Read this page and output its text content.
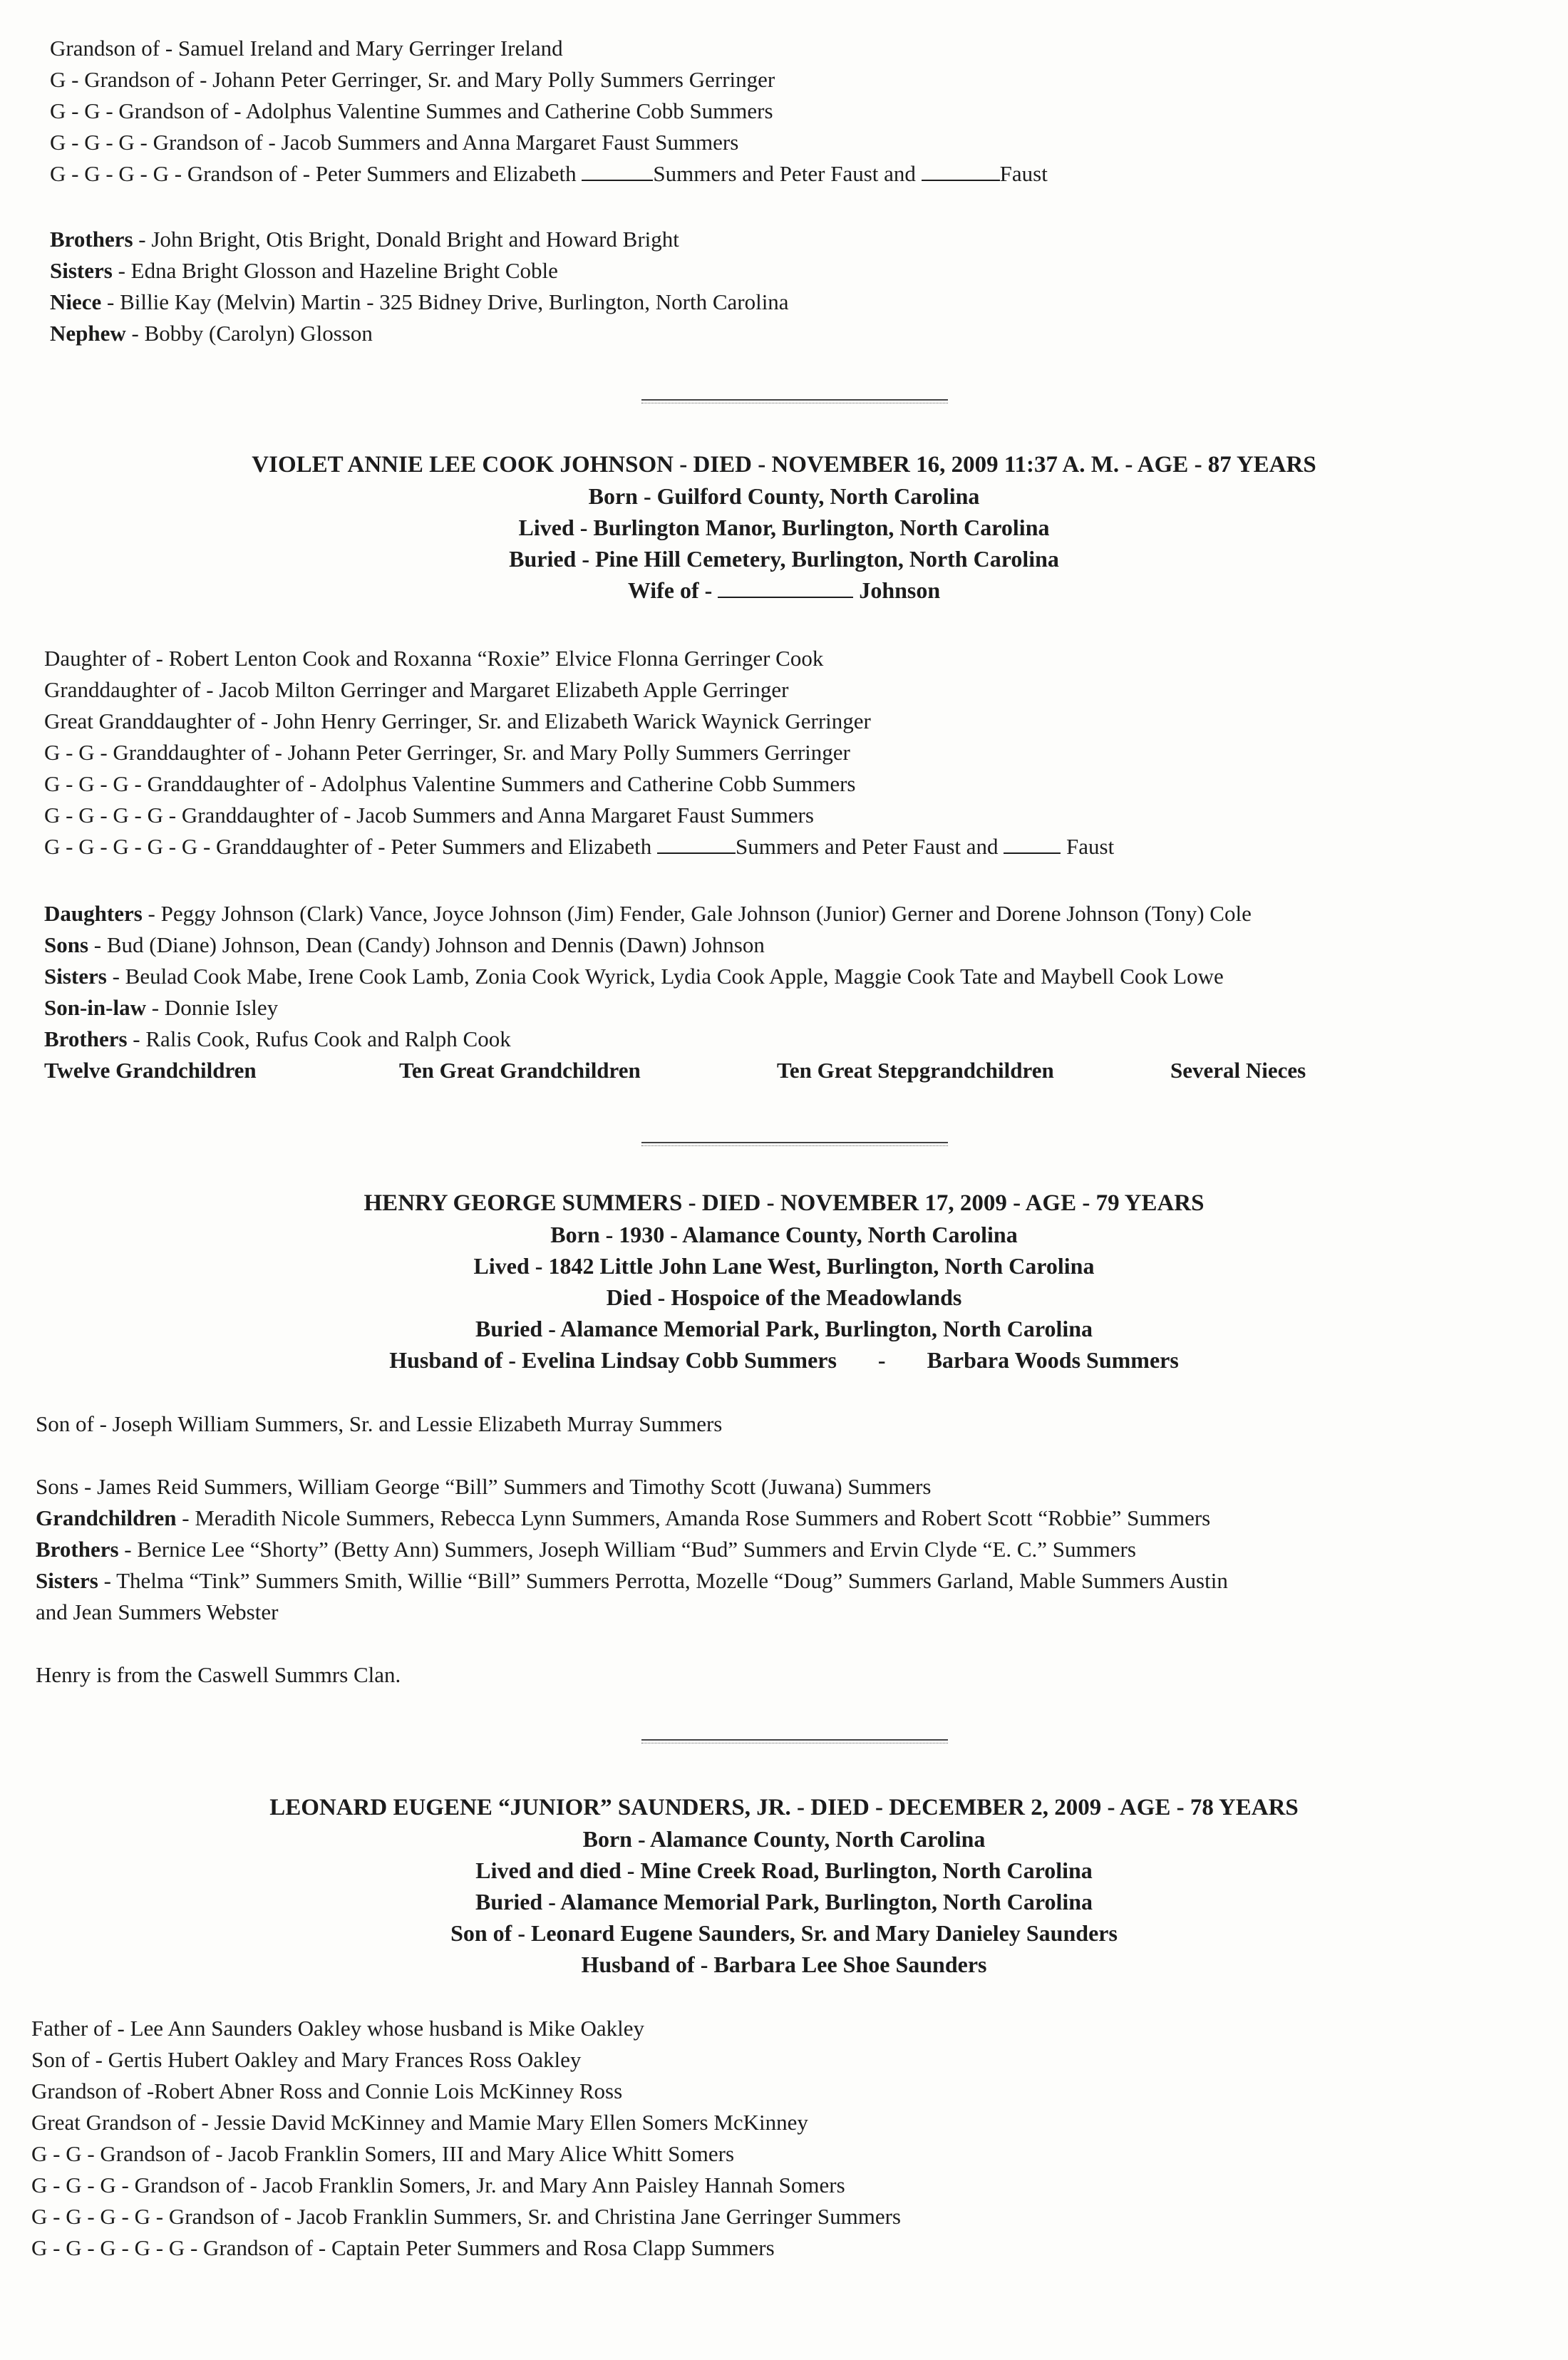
Grandson of - Samuel Ireland and Mary Gerringer Ireland
G - Grandson of - Johann Peter Gerringer, Sr. and Mary Polly Summers Gerringer
G - G - Grandson of - Adolphus Valentine Summes and Catherine Cobb Summers
G - G - G - Grandson of - Jacob Summers and Anna Margaret Faust Summers
G - G - G - G - Grandson of - Peter Summers and Elizabeth	Summers and Peter Faust and	Faust
Brothers - John Bright, Otis Bright, Donald Bright and Howard Bright
Sisters - Edna Bright Glosson and Hazeline Bright Coble
Niece - Billie Kay (Melvin) Martin - 325 Bidney Drive, Burlington, North Carolina
Nephew - Bobby (Carolyn) Glosson
VIOLET ANNIE LEE COOK JOHNSON - DIED - NOVEMBER 16, 2009 11:37 A. M. - AGE - 87 YEARS
Born - Guilford County, North Carolina
Lived - Burlington Manor, Burlington, North Carolina
Buried - Pine Hill Cemetery, Burlington, North Carolina
Wife of -	Johnson
Daughter of - Robert Lenton Cook and Roxanna “Roxie” Elvice Flonna Gerringer Cook
Granddaughter of - Jacob Milton Gerringer and Margaret Elizabeth Apple Gerringer
Great Granddaughter of - John Henry Gerringer, Sr. and Elizabeth Warick Waynick Gerringer
G - G - Granddaughter of - Johann Peter Gerringer, Sr. and Mary Polly Summers Gerringer
G - G - G - Granddaughter of - Adolphus Valentine Summers and Catherine Cobb Summers
G - G - G - G - Granddaughter of - Jacob Summers and Anna Margaret Faust Summers
G - G - G - G - G - Granddaughter of - Peter Summers and Elizabeth	Summers and Peter Faust and	Faust
Daughters - Peggy Johnson (Clark) Vance, Joyce Johnson (Jim) Fender, Gale Johnson (Junior) Gerner and Dorene Johnson (Tony) Cole
Sons - Bud (Diane) Johnson, Dean (Candy) Johnson and Dennis (Dawn) Johnson
Sisters - Beulad Cook Mabe, Irene Cook Lamb, Zonia Cook Wyrick, Lydia Cook Apple, Maggie Cook Tate and Maybell Cook Lowe
Son-in-law - Donnie Isley
Brothers - Ralis Cook, Rufus Cook and Ralph Cook
Twelve Grandchildren	Ten Great Grandchildren	Ten Great Stepgrandchildren	Several Nieces
HENRY GEORGE SUMMERS - DIED - NOVEMBER 17, 2009 - AGE - 79 YEARS
Born - 1930 - Alamance County, North Carolina
Lived - 1842 Little John Lane West, Burlington, North Carolina
Died - Hospoice of the Meadowlands
Buried - Alamance Memorial Park, Burlington, North Carolina
Husband of - Evelina Lindsay Cobb Summers - Barbara Woods Summers
Son of - Joseph William Summers, Sr. and Lessie Elizabeth Murray Summers
Sons - James Reid Summers, William George “Bill” Summers and Timothy Scott (Juwana) Summers
Grandchildren - Meradith Nicole Summers, Rebecca Lynn Summers, Amanda Rose Summers and Robert Scott “Robbie” Summers
Brothers - Bernice Lee “Shorty” (Betty Ann) Summers, Joseph William “Bud” Summers and Ervin Clyde “E. C.” Summers
Sisters - Thelma “Tink” Summers Smith, Willie “Bill” Summers Perrotta, Mozelle “Doug” Summers Garland, Mable Summers Austin
and Jean Summers Webster
Henry is from the Caswell Summrs Clan.
LEONARD EUGENE “JUNIOR” SAUNDERS, JR. - DIED - DECEMBER 2, 2009 - AGE - 78 YEARS
Born - Alamance County, North Carolina
Lived and died - Mine Creek Road, Burlington, North Carolina
Buried - Alamance Memorial Park, Burlington, North Carolina
Son of - Leonard Eugene Saunders, Sr. and Mary Danieley Saunders
Husband of - Barbara Lee Shoe Saunders
Father of - Lee Ann Saunders Oakley whose husband is Mike Oakley
Son of - Gertis Hubert Oakley and Mary Frances Ross Oakley
Grandson of -Robert Abner Ross and Connie Lois McKinney Ross
Great Grandson of - Jessie David McKinney and Mamie Mary Ellen Somers McKinney
G - G - Grandson of - Jacob Franklin Somers, III and Mary Alice Whitt Somers
G - G - G - Grandson of - Jacob Franklin Somers, Jr. and Mary Ann Paisley Hannah Somers
G - G - G - G - Grandson of - Jacob Franklin Summers, Sr. and Christina Jane Gerringer Summers
G - G - G - G - G - Grandson of - Captain Peter Summers and Rosa Clapp Summers
